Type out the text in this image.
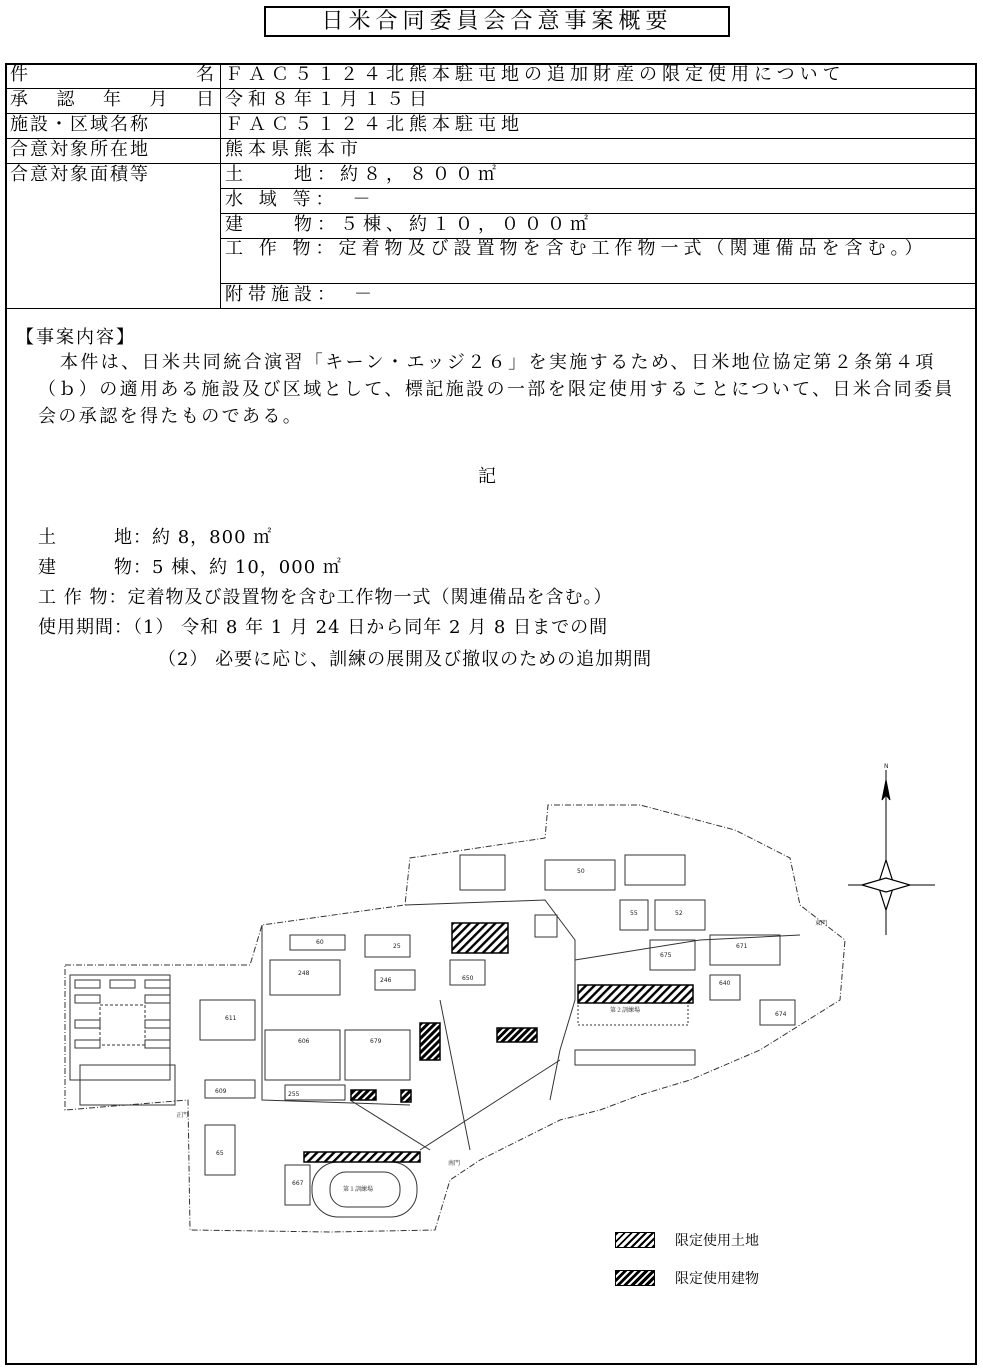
日米合同委員会合意事案概要
件 名	ＦＡＣ５１２４北熊本駐屯地の追加財産の限定使用について

承 認 年 月 日	令和８年１月１５日
施設・区域名称	ＦＡＣ５１２４北熊本駐屯地
合意対象所在地	熊本県熊本市
合意対象面積等	土　　地：約８，８００㎡
	水 域 等：　－
	建　　物：５棟、約１０，０００㎡
	工 作 物：定着物及び設置物を含む工作物一式（関連備品を含む。）
	附帯施設：　－
【事案内容】
本件は、日米共同統合演習「キーン・エッジ２６」を実施するため、日米地位協定第２条第４項（ｂ）の適用ある施設及び区域として、標記施設の一部を限定使用することについて、日米合同委員会の承認を得たものである。
記
土　　　地：約 8，800 ㎡
建　　　物：5 棟、約 10，000 ㎡
工 作 物：定着物及び設置物を含む工作物一式（関連備品を含む。）
使用期間：（1） 令和 8 年 1 月 24 日から同年 2 月 8 日までの間
（2） 必要に応じ、訓練の展開及び撤収のための追加期間
N
60
25
248
246	650
611
606	679
609	255
50
55	52
671
675
640
674
65
667
第１訓練場
第２訓練場
正門
南門
東門
限定使用土地
限定使用建物
